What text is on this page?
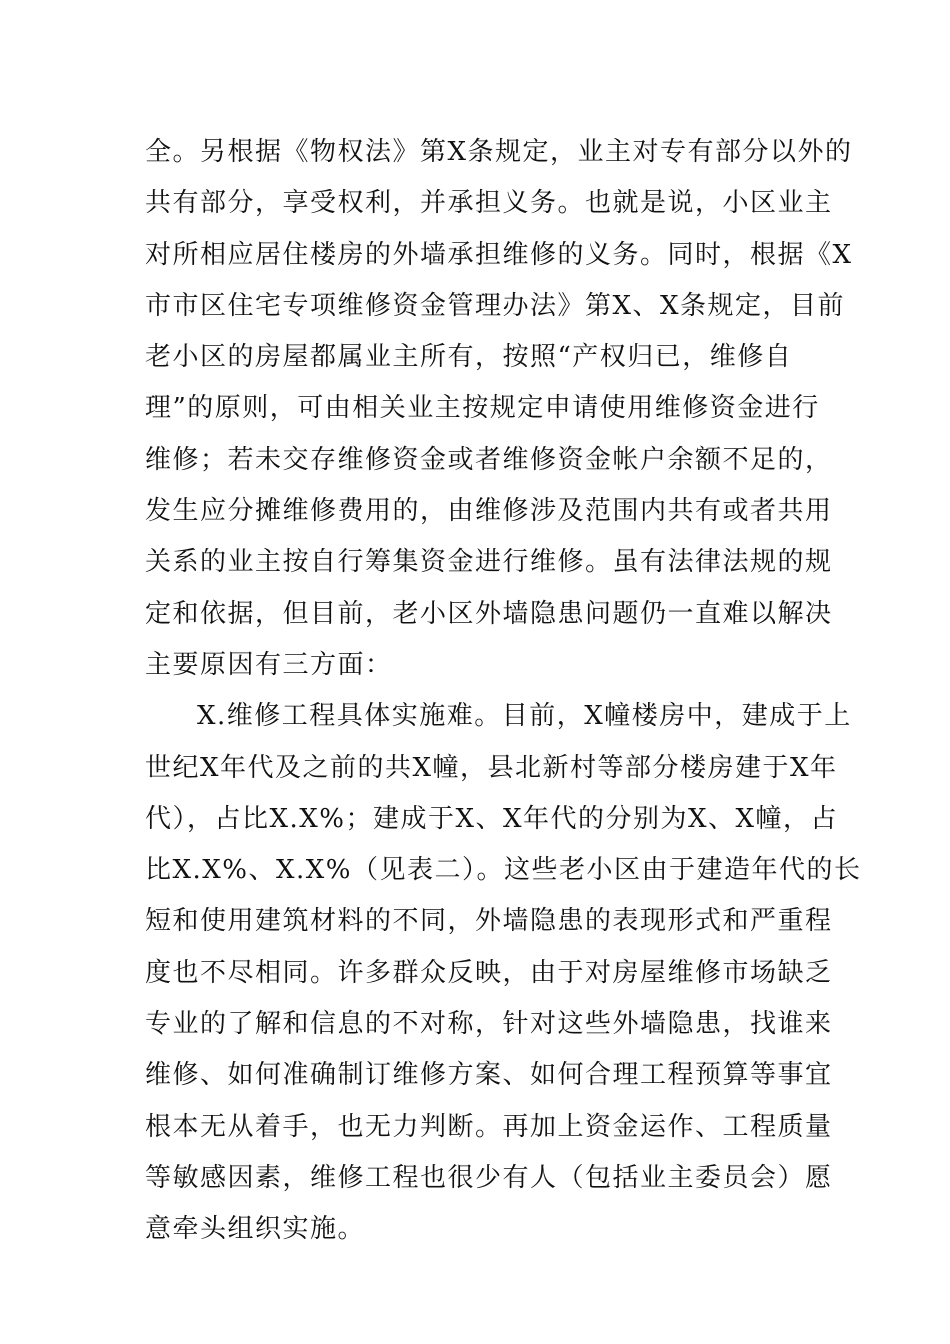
全。另根据《物权法》第X条规定，业主对专有部分以外的
共有部分，享受权利，并承担义务。也就是说，小区业主
对所相应居住楼房的外墙承担维修的义务。同时，根据《X
市市区住宅专项维修资金管理办法》第X、X条规定，目前
老小区的房屋都属业主所有，按照“产权归已，维修自
理”的原则，可由相关业主按规定申请使用维修资金进行
维修；若未交存维修资金或者维修资金帐户余额不足的，
发生应分摊维修费用的，由维修涉及范围内共有或者共用
关系的业主按自行筹集资金进行维修。虽有法律法规的规
定和依据，但目前，老小区外墙隐患问题仍一直难以解决
主要原因有三方面：
X.维修工程具体实施难。目前，X幢楼房中，建成于上
世纪X年代及之前的共X幢，县北新村等部分楼房建于X年
代），占比X.X%；建成于X、X年代的分别为X、X幢，占
比X.X%、X.X%（见表二）。这些老小区由于建造年代的长
短和使用建筑材料的不同，外墙隐患的表现形式和严重程
度也不尽相同。许多群众反映，由于对房屋维修市场缺乏
专业的了解和信息的不对称，针对这些外墙隐患，找谁来
维修、如何准确制订维修方案、如何合理工程预算等事宜
根本无从着手，也无力判断。再加上资金运作、工程质量
等敏感因素，维修工程也很少有人（包括业主委员会）愿
意牵头组织实施。
